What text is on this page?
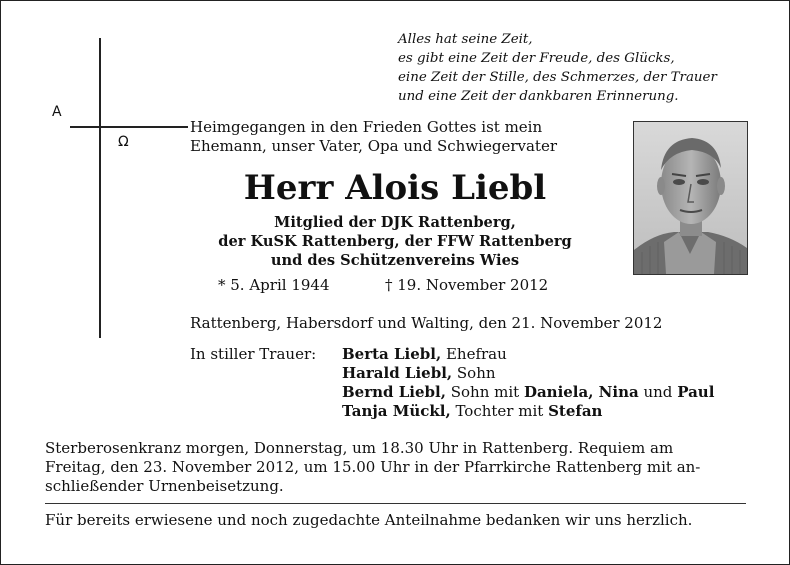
Alles hat seine Zeit,
es gibt eine Zeit der Freude, des Glücks,
eine Zeit der Stille, des Schmerzes, der Trauer
und eine Zeit der dankbaren Erinnerung.
A
Ω
Heimgegangen in den Frieden Gottes ist mein
Ehemann, unser Vater, Opa und Schwiegervater
Herr Alois Liebl
Mitglied der DJK Rattenberg,
der KuSK Rattenberg, der FFW Rattenberg
und des Schützenvereins Wies
* 5. April 1944	† 19. November 2012
Rattenberg, Habersdorf und Walting, den 21. November 2012
In stiller Trauer: Berta Liebl, Ehefrau
Harald Liebl, Sohn
Bernd Liebl, Sohn mit Daniela, Nina und Paul
Tanja Mückl, Tochter mit Stefan
Sterberosenkranz morgen, Donnerstag, um 18.30 Uhr in Rattenberg. Requiem am
Freitag, den 23. November 2012, um 15.00 Uhr in der Pfarrkirche Rattenberg mit an-
schließender Urnenbeisetzung.
Für bereits erwiesene und noch zugedachte Anteilnahme bedanken wir uns herzlich.
